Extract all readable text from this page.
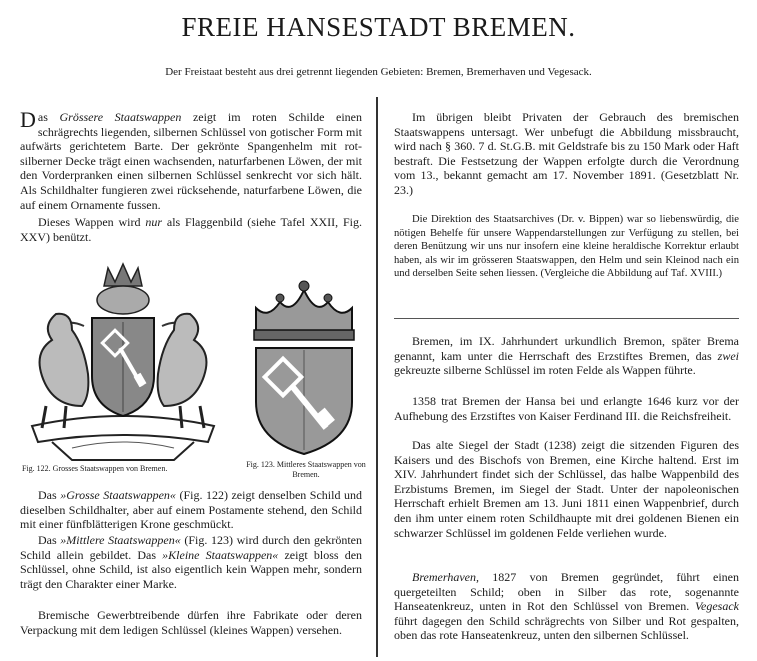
FREIE HANSESTADT BREMEN.
Der Freistaat besteht aus drei getrennt liegenden Gebieten: Bremen, Bremerhaven und Vegesack.

Das Grössere Staatswappen zeigt im roten Schilde einen schrägrechts liegenden, silbernen Schlüssel von gotischer Form mit aufwärts gerichtetem Barte. Der gekrönte Spangenhelm mit rot-silberner Decke trägt einen wachsenden, naturfarbenen Löwen, der mit den Vorderpranken einen silbernen Schlüssel senkrecht vor sich hält. Als Schildhalter fungieren zwei rücksehende, naturfarbene Löwen, die auf einem Ornamente fussen.

Dieses Wappen wird nur als Flaggenbild (siehe Tafel XXII, Fig. XXV) benützt.

Fig. 122. Grosses Staatswappen von Bremen.	Fig. 123. Mittleres Staatswappen von Bremen.

Das »Grosse Staatswappen« (Fig. 122) zeigt denselben Schild und dieselben Schildhalter, aber auf einem Postamente stehend, den Schild mit einer fünfblätterigen Krone geschmückt.

Das »Mittlere Staatswappen« (Fig. 123) wird durch den gekrönten Schild allein gebildet. Das »Kleine Staatswappen« zeigt bloss den Schlüssel, ohne Schild, ist also eigentlich kein Wappen mehr, sondern trägt den Charakter einer Marke.

Bremische Gewerbtreibende dürfen ihre Fabrikate oder deren Verpackung mit dem ledigen Schlüssel (kleines Wappen) versehen.

Im übrigen bleibt Privaten der Gebrauch des bremischen Staatswappens untersagt. Wer unbefugt die Abbildung missbraucht, wird nach § 360. 7 d. St.G.B. mit Geldstrafe bis zu 150 Mark oder Haft bestraft. Die Festsetzung der Wappen erfolgte durch die Verordnung vom 13., bekannt gemacht am 17. November 1891. (Gesetzblatt Nr. 23.)

Die Direktion des Staatsarchives (Dr. v. Bippen) war so liebenswürdig, die nötigen Behelfe für unsere Wappendarstellungen zur Verfügung zu stellen, bei deren Benützung wir uns nur insofern eine kleine heraldische Korrektur erlaubt haben, als wir im grösseren Staatswappen, den Helm und sein Kleinod nach ein und derselben Seite sehen liessen. (Vergleiche die Abbildung auf Taf. XVIII.)

Bremen, im IX. Jahrhundert urkundlich Bremon, später Brema genannt, kam unter die Herrschaft des Erzstiftes Bremen, das zwei gekreuzte silberne Schlüssel im roten Felde als Wappen führte.

1358 trat Bremen der Hansa bei und erlangte 1646 kurz vor der Aufhebung des Erzstiftes von Kaiser Ferdinand III. die Reichsfreiheit.

Das alte Siegel der Stadt (1238) zeigt die sitzenden Figuren des Kaisers und des Bischofs von Bremen, eine Kirche haltend. Erst im XIV. Jahrhundert findet sich der Schlüssel, das halbe Wappenbild des Erzbistums Bremen, im Siegel der Stadt. Unter der napoleonischen Herrschaft erhielt Bremen am 13. Juni 1811 einen Wappenbrief, durch den ihm unter einem roten Schildhaupte mit drei goldenen Bienen ein schwarzer Schlüssel im goldenen Felde verliehen wurde.

Bremerhaven, 1827 von Bremen gegründet, führt einen quergeteilten Schild; oben in Silber das rote, sogenannte Hanseatenkreuz, unten in Rot den Schlüssel von Bremen. Vegesack führt dagegen den Schild schrägrechts von Silber und Rot gespalten, oben das rote Hanseatenkreuz, unten den silbernen Schlüssel.
